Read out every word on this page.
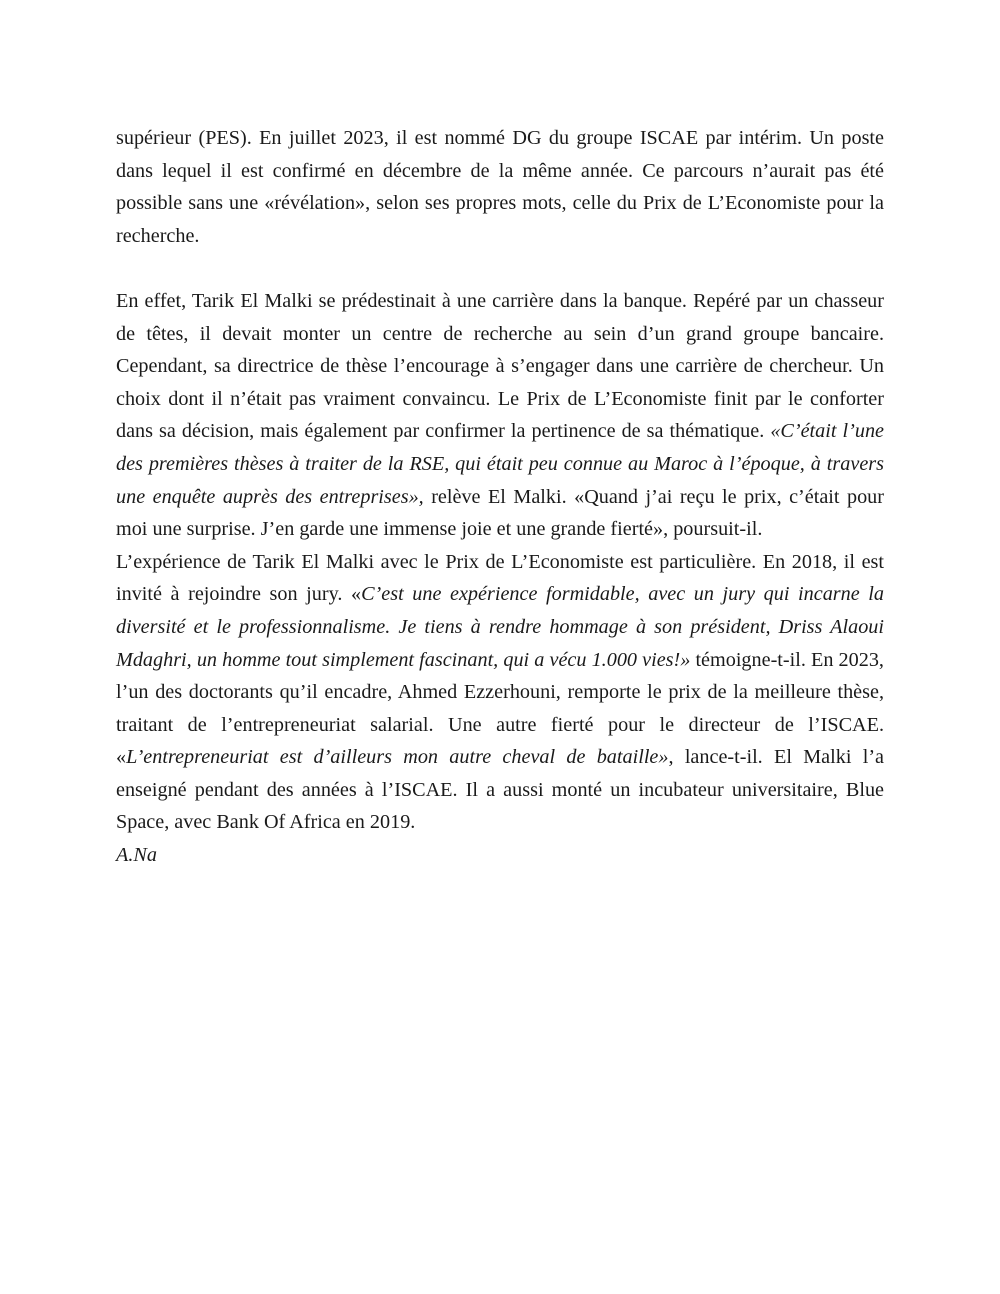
supérieur (PES). En juillet 2023, il est nommé DG du groupe ISCAE par intérim. Un poste dans lequel il est confirmé en décembre de la même année. Ce parcours n’aurait pas été possible sans une «révélation», selon ses propres mots, celle du Prix de L’Economiste pour la recherche.

En effet, Tarik El Malki se prédestinait à une carrière dans la banque. Repéré par un chasseur de têtes, il devait monter un centre de recherche au sein d’un grand groupe bancaire. Cependant, sa directrice de thèse l’encourage à s’engager dans une carrière de chercheur. Un choix dont il n’était pas vraiment convaincu. Le Prix de L’Economiste finit par le conforter dans sa décision, mais également par confirmer la pertinence de sa thématique. «C’était l’une des premières thèses à traiter de la RSE, qui était peu connue au Maroc à l’époque, à travers une enquête auprès des entreprises», relève El Malki. «Quand j’ai reçu le prix, c’était pour moi une surprise. J’en garde une immense joie et une grande fierté», poursuit-il.

L’expérience de Tarik El Malki avec le Prix de L’Economiste est particulière. En 2018, il est invité à rejoindre son jury. «C’est une expérience formidable, avec un jury qui incarne la diversité et le professionnalisme. Je tiens à rendre hommage à son président, Driss Alaoui Mdaghri, un homme tout simplement fascinant, qui a vécu 1.000 vies!» témoigne-t-il. En 2023, l’un des doctorants qu’il encadre, Ahmed Ezzerhouni, remporte le prix de la meilleure thèse, traitant de l’entrepreneuriat salarial. Une autre fierté pour le directeur de l’ISCAE. «L’entrepreneuriat est d’ailleurs mon autre cheval de bataille», lance-t-il. El Malki l’a enseigné pendant des années à l’ISCAE. Il a aussi monté un incubateur universitaire, Blue Space, avec Bank Of Africa en 2019.

A.Na
